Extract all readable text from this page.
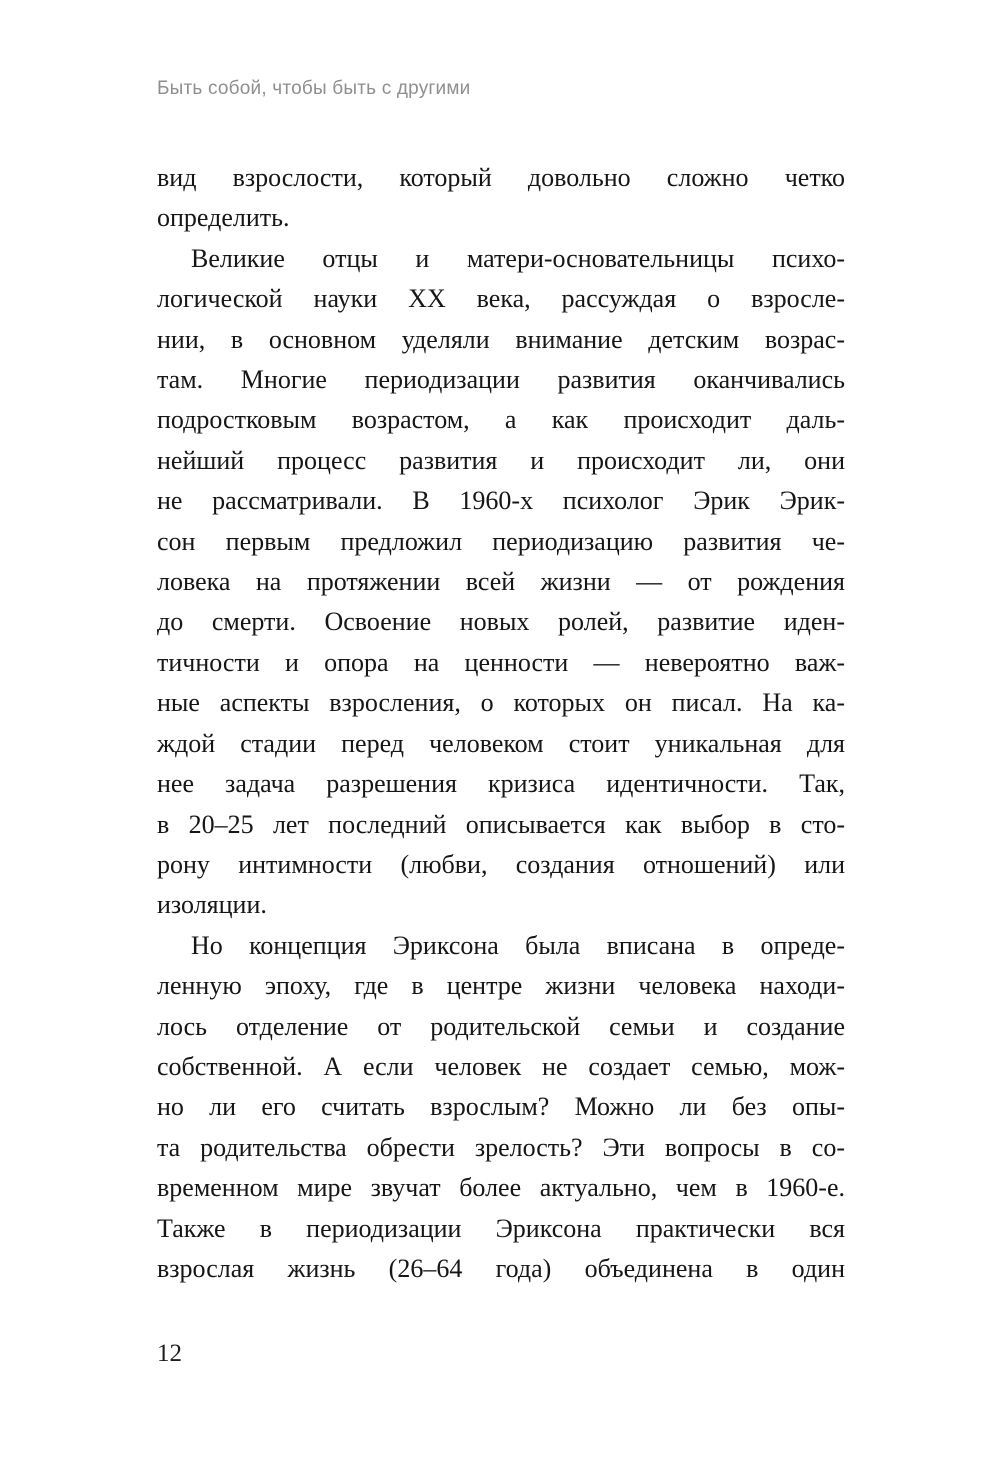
Быть собой, чтобы быть с другими
вид взрослости, который довольно сложно четко
определить.
Великие отцы и матери-основательницы психо-
логической науки XX века, рассуждая о взросле-
нии, в основном уделяли внимание детским возрас-
там. Многие периодизации развития оканчивались
подростковым возрастом, а как происходит даль-
нейший процесс развития и происходит ли, они
не рассматривали. В 1960-х психолог Эрик Эрик-
сон первым предложил периодизацию развития че-
ловека на протяжении всей жизни — от рождения
до смерти. Освоение новых ролей, развитие иден-
тичности и опора на ценности — невероятно важ-
ные аспекты взросления, о которых он писал. На ка-
ждой стадии перед человеком стоит уникальная для
нее задача разрешения кризиса идентичности. Так,
в 20–25 лет последний описывается как выбор в сто-
рону интимности (любви, создания отношений) или
изоляции.
Но концепция Эриксона была вписана в опреде-
ленную эпоху, где в центре жизни человека находи-
лось отделение от родительской семьи и создание
собственной. А если человек не создает семью, мож-
но ли его считать взрослым? Можно ли без опы-
та родительства обрести зрелость? Эти вопросы в со-
временном мире звучат более актуально, чем в 1960-е.
Также в периодизации Эриксона практически вся
взрослая жизнь (26–64 года) объединена в один
12
